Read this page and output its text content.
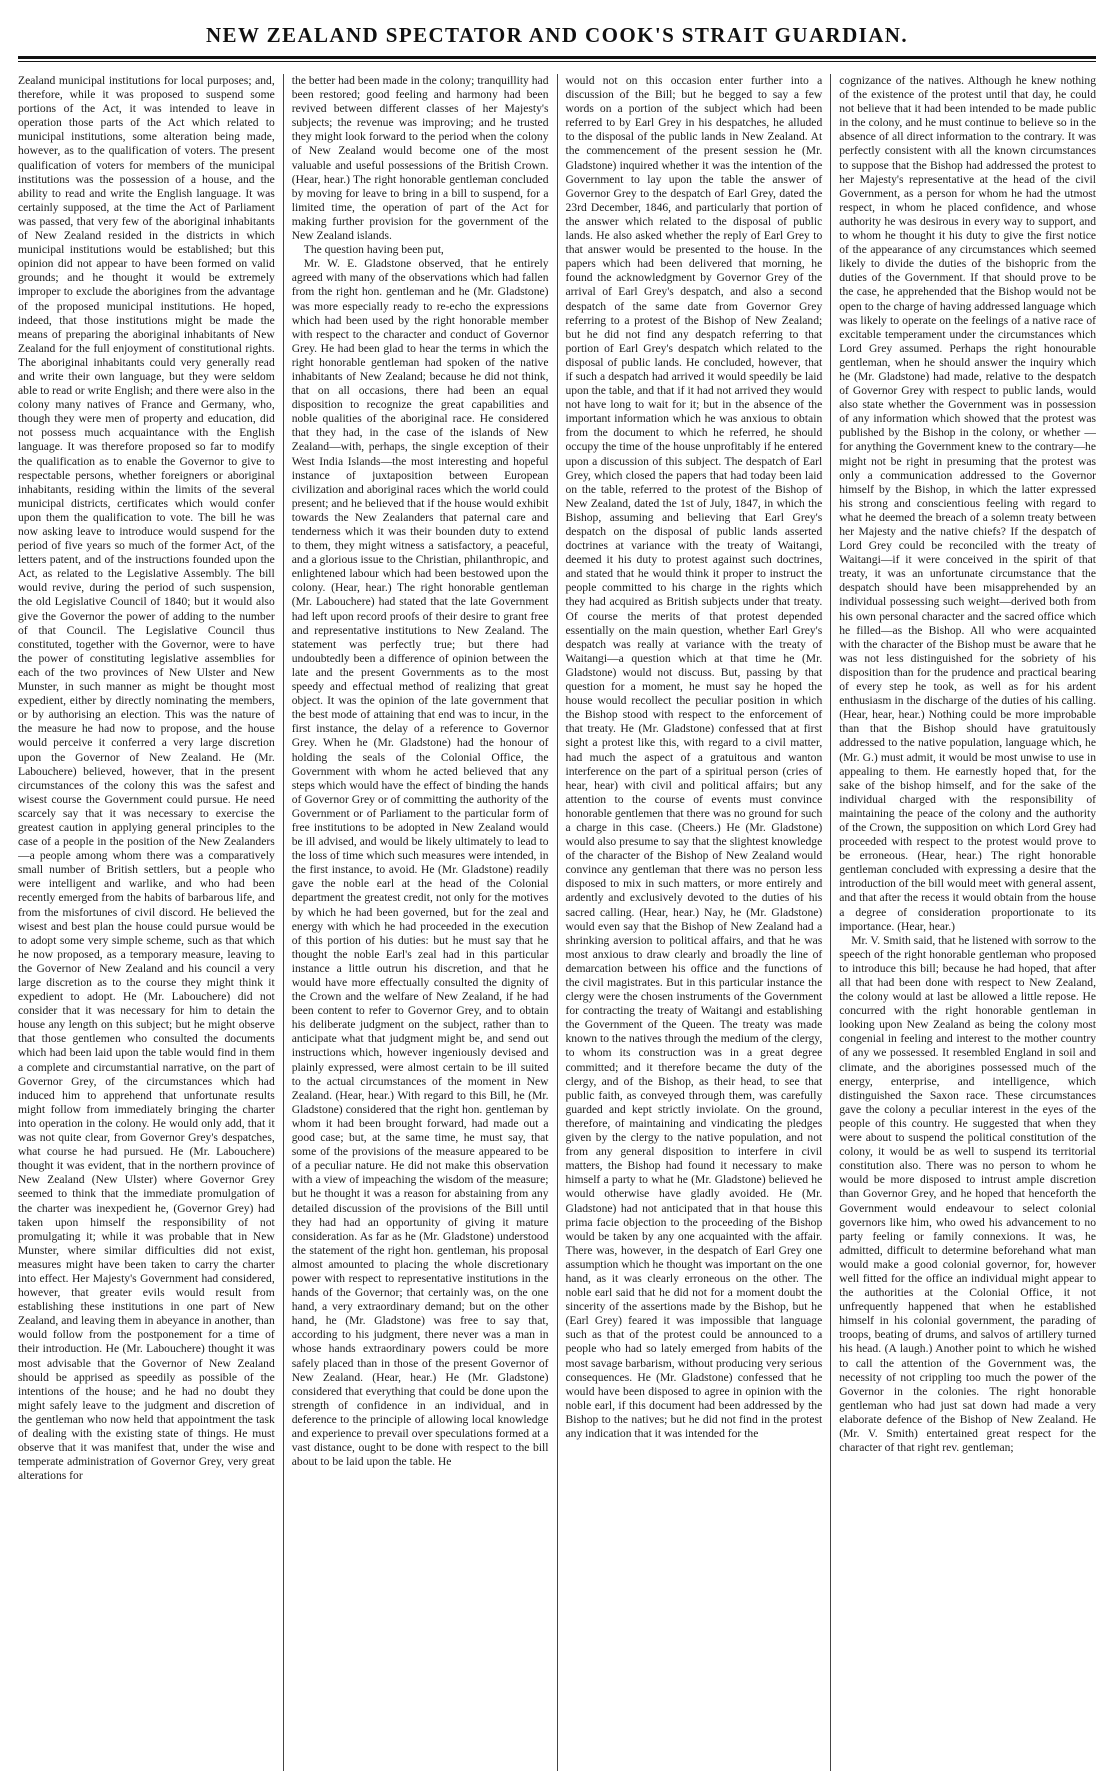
NEW ZEALAND SPECTATOR AND COOK'S STRAIT GUARDIAN.

Zealand municipal institutions for local purposes; and, therefore, while it was proposed to suspend some portions of the Act, it was intended to leave in operation those parts of the Act which related to municipal institutions, some alteration being made, however, as to the qualification of voters. The present qualification of voters for members of the municipal institutions was the possession of a house, and the ability to read and write the English language. It was certainly supposed, at the time the Act of Parliament was passed, that very few of the aboriginal inhabitants of New Zealand resided in the districts in which municipal institutions would be established; but this opinion did not appear to have been formed on valid grounds; and he thought it would be extremely improper to exclude the aborigines from the advantage of the proposed municipal institutions. He hoped, indeed, that those institutions might be made the means of preparing the aboriginal inhabitants of New Zealand for the full enjoyment of constitutional rights. The aboriginal inhabitants could very generally read and write their own language, but they were seldom able to read or write English; and there were also in the colony many natives of France and Germany, who, though they were men of property and education, did not possess much acquaintance with the English language. It was therefore proposed so far to modify the qualification as to enable the Governor to give to respectable persons, whether foreigners or aboriginal inhabitants, residing within the limits of the several municipal districts, certificates which would confer upon them the qualification to vote. The bill he was now asking leave to introduce would suspend for the period of five years so much of the former Act, of the letters patent, and of the instructions founded upon the Act, as related to the Legislative Assembly. The bill would revive, during the period of such suspension, the old Legislative Council of 1840; but it would also give the Governor the power of adding to the number of that Council. The Legislative Council thus constituted, together with the Governor, were to have the power of constituting legislative assemblies for each of the two provinces of New Ulster and New Munster, in such manner as might be thought most expedient, either by directly nominating the members, or by authorising an election. This was the nature of the measure he had now to propose, and the house would perceive it conferred a very large discretion upon the Governor of New Zealand. He (Mr. Labouchere) believed, however, that in the present circumstances of the colony this was the safest and wisest course the Government could pursue. He need scarcely say that it was necessary to exercise the greatest caution in applying general principles to the case of a people in the position of the New Zealanders—a people among whom there was a comparatively small number of British settlers, but a people who were intelligent and warlike, and who had been recently emerged from the habits of barbarous life, and from the misfortunes of civil discord. He believed the wisest and best plan the house could pursue would be to adopt some very simple scheme, such as that which he now proposed, as a temporary measure, leaving to the Governor of New Zealand and his council a very large discretion as to the course they might think it expedient to adopt. He (Mr. Labouchere) did not consider that it was necessary for him to detain the house any length on this subject; but he might observe that those gentlemen who consulted the documents which had been laid upon the table would find in them a complete and circumstantial narrative, on the part of Governor Grey, of the circumstances which had induced him to apprehend that unfortunate results might follow from immediately bringing the charter into operation in the colony. He would only add, that it was not quite clear, from Governor Grey's despatches, what course he had pursued. He (Mr. Labouchere) thought it was evident, that in the northern province of New Zealand (New Ulster) where Governor Grey seemed to think that the immediate promulgation of the charter was inexpedient he, (Governor Grey) had taken upon himself the responsibility of not promulgating it; while it was probable that in New Munster, where similar difficulties did not exist, measures might have been taken to carry the charter into effect. Her Majesty's Government had considered, however, that greater evils would result from establishing these institutions in one part of New Zealand, and leaving them in abeyance in another, than would follow from the postponement for a time of their introduction. He (Mr. Labouchere) thought it was most advisable that the Governor of New Zealand should be apprised as speedily as possible of the intentions of the house; and he had no doubt they might safely leave to the judgment and discretion of the gentleman who now held that appointment the task of dealing with the existing state of things. He must observe that it was manifest that, under the wise and temperate administration of Governor Grey, very great alterations for

the better had been made in the colony; tranquillity had been restored; good feeling and harmony had been revived between different classes of her Majesty's subjects; the revenue was improving; and he trusted they might look forward to the period when the colony of New Zealand would become one of the most valuable and useful possessions of the British Crown. (Hear, hear.) The right honorable gentleman concluded by moving for leave to bring in a bill to suspend, for a limited time, the operation of part of the Act for making further provision for the government of the New Zealand islands.

The question having been put,

Mr. W. E. Gladstone observed, that he entirely agreed with many of the observations which had fallen from the right hon. gentleman and he (Mr. Gladstone) was more especially ready to re-echo the expressions which had been used by the right honorable member with respect to the character and conduct of Governor Grey. He had been glad to hear the terms in which the right honorable gentleman had spoken of the native inhabitants of New Zealand; because he did not think, that on all occasions, there had been an equal disposition to recognize the great capabilities and noble qualities of the aboriginal race. He considered that they had, in the case of the islands of New Zealand—with, perhaps, the single exception of their West India Islands—the most interesting and hopeful instance of juxtaposition between European civilization and aboriginal races which the world could present; and he believed that if the house would exhibit towards the New Zealanders that paternal care and tenderness which it was their bounden duty to extend to them, they might witness a satisfactory, a peaceful, and a glorious issue to the Christian, philanthropic, and enlightened labour which had been bestowed upon the colony. (Hear, hear.) The right honorable gentleman (Mr. Labouchere) had stated that the late Government had left upon record proofs of their desire to grant free and representative institutions to New Zealand. The statement was perfectly true; but there had undoubtedly been a difference of opinion between the late and the present Governments as to the most speedy and effectual method of realizing that great object. It was the opinion of the late government that the best mode of attaining that end was to incur, in the first instance, the delay of a reference to Governor Grey. When he (Mr. Gladstone) had the honour of holding the seals of the Colonial Office, the Government with whom he acted believed that any steps which would have the effect of binding the hands of Governor Grey or of committing the authority of the Government or of Parliament to the particular form of free institutions to be adopted in New Zealand would be ill advised, and would be likely ultimately to lead to the loss of time which such measures were intended, in the first instance, to avoid. He (Mr. Gladstone) readily gave the noble earl at the head of the Colonial department the greatest credit, not only for the motives by which he had been governed, but for the zeal and energy with which he had proceeded in the execution of this portion of his duties: but he must say that he thought the noble Earl's zeal had in this particular instance a little outrun his discretion, and that he would have more effectually consulted the dignity of the Crown and the welfare of New Zealand, if he had been content to refer to Governor Grey, and to obtain his deliberate judgment on the subject, rather than to anticipate what that judgment might be, and send out instructions which, however ingeniously devised and plainly expressed, were almost certain to be ill suited to the actual circumstances of the moment in New Zealand. (Hear, hear.) With regard to this Bill, he (Mr. Gladstone) considered that the right hon. gentleman by whom it had been brought forward, had made out a good case; but, at the same time, he must say, that some of the provisions of the measure appeared to be of a peculiar nature. He did not make this observation with a view of impeaching the wisdom of the measure; but he thought it was a reason for abstaining from any detailed discussion of the provisions of the Bill until they had had an opportunity of giving it mature consideration. As far as he (Mr. Gladstone) understood the statement of the right hon. gentleman, his proposal almost amounted to placing the whole discretionary power with respect to representative institutions in the hands of the Governor; that certainly was, on the one hand, a very extraordinary demand; but on the other hand, he (Mr. Gladstone) was free to say that, according to his judgment, there never was a man in whose hands extraordinary powers could be more safely placed than in those of the present Governor of New Zealand. (Hear, hear.) He (Mr. Gladstone) considered that everything that could be done upon the strength of confidence in an individual, and in deference to the principle of allowing local knowledge and experience to prevail over speculations formed at a vast distance, ought to be done with respect to the bill about to be laid upon the table. He

would not on this occasion enter further into a discussion of the Bill; but he begged to say a few words on a portion of the subject which had been referred to by Earl Grey in his despatches, he alluded to the disposal of the public lands in New Zealand. At the commencement of the present session he (Mr. Gladstone) inquired whether it was the intention of the Government to lay upon the table the answer of Governor Grey to the despatch of Earl Grey, dated the 23rd December, 1846, and particularly that portion of the answer which related to the disposal of public lands. He also asked whether the reply of Earl Grey to that answer would be presented to the house. In the papers which had been delivered that morning, he found the acknowledgment by Governor Grey of the arrival of Earl Grey's despatch, and also a second despatch of the same date from Governor Grey referring to a protest of the Bishop of New Zealand; but he did not find any despatch referring to that portion of Earl Grey's despatch which related to the disposal of public lands. He concluded, however, that if such a despatch had arrived it would speedily be laid upon the table, and that if it had not arrived they would not have long to wait for it; but in the absence of the important information which he was anxious to obtain from the document to which he referred, he should occupy the time of the house unprofitably if he entered upon a discussion of this subject. The despatch of Earl Grey, which closed the papers that had today been laid on the table, referred to the protest of the Bishop of New Zealand, dated the 1st of July, 1847, in which the Bishop, assuming and believing that Earl Grey's despatch on the disposal of public lands asserted doctrines at variance with the treaty of Waitangi, deemed it his duty to protest against such doctrines, and stated that he would think it proper to instruct the people committed to his charge in the rights which they had acquired as British subjects under that treaty. Of course the merits of that protest depended essentially on the main question, whether Earl Grey's despatch was really at variance with the treaty of Waitangi—a question which at that time he (Mr. Gladstone) would not discuss. But, passing by that question for a moment, he must say he hoped the house would recollect the peculiar position in which the Bishop stood with respect to the enforcement of that treaty. He (Mr. Gladstone) confessed that at first sight a protest like this, with regard to a civil matter, had much the aspect of a gratuitous and wanton interference on the part of a spiritual person (cries of hear, hear) with civil and political affairs; but any attention to the course of events must convince honorable gentlemen that there was no ground for such a charge in this case. (Cheers.) He (Mr. Gladstone) would also presume to say that the slightest knowledge of the character of the Bishop of New Zealand would convince any gentleman that there was no person less disposed to mix in such matters, or more entirely and ardently and exclusively devoted to the duties of his sacred calling. (Hear, hear.) Nay, he (Mr. Gladstone) would even say that the Bishop of New Zealand had a shrinking aversion to political affairs, and that he was most anxious to draw clearly and broadly the line of demarcation between his office and the functions of the civil magistrates. But in this particular instance the clergy were the chosen instruments of the Government for contracting the treaty of Waitangi and establishing the Government of the Queen. The treaty was made known to the natives through the medium of the clergy, to whom its construction was in a great degree committed; and it therefore became the duty of the clergy, and of the Bishop, as their head, to see that public faith, as conveyed through them, was carefully guarded and kept strictly inviolate. On the ground, therefore, of maintaining and vindicating the pledges given by the clergy to the native population, and not from any general disposition to interfere in civil matters, the Bishop had found it necessary to make himself a party to what he (Mr. Gladstone) believed he would otherwise have gladly avoided. He (Mr. Gladstone) had not anticipated that in that house this prima facie objection to the proceeding of the Bishop would be taken by any one acquainted with the affair. There was, however, in the despatch of Earl Grey one assumption which he thought was important on the one hand, as it was clearly erroneous on the other. The noble earl said that he did not for a moment doubt the sincerity of the assertions made by the Bishop, but he (Earl Grey) feared it was impossible that language such as that of the protest could be announced to a people who had so lately emerged from habits of the most savage barbarism, without producing very serious consequences. He (Mr. Gladstone) confessed that he would have been disposed to agree in opinion with the noble earl, if this document had been addressed by the Bishop to the natives; but he did not find in the protest any indication that it was intended for the

cognizance of the natives. Although he knew nothing of the existence of the protest until that day, he could not believe that it had been intended to be made public in the colony, and he must continue to believe so in the absence of all direct information to the contrary. It was perfectly consistent with all the known circumstances to suppose that the Bishop had addressed the protest to her Majesty's representative at the head of the civil Government, as a person for whom he had the utmost respect, in whom he placed confidence, and whose authority he was desirous in every way to support, and to whom he thought it his duty to give the first notice of the appearance of any circumstances which seemed likely to divide the duties of the bishopric from the duties of the Government. If that should prove to be the case, he apprehended that the Bishop would not be open to the charge of having addressed language which was likely to operate on the feelings of a native race of excitable temperament under the circumstances which Lord Grey assumed. Perhaps the right honourable gentleman, when he should answer the inquiry which he (Mr. Gladstone) had made, relative to the despatch of Governor Grey with respect to public lands, would also state whether the Government was in possession of any information which showed that the protest was published by the Bishop in the colony, or whether —for anything the Government knew to the contrary—he might not be right in presuming that the protest was only a communication addressed to the Governor himself by the Bishop, in which the latter expressed his strong and conscientious feeling with regard to what he deemed the breach of a solemn treaty between her Majesty and the native chiefs? If the despatch of Lord Grey could be reconciled with the treaty of Waitangi—if it were conceived in the spirit of that treaty, it was an unfortunate circumstance that the despatch should have been misapprehended by an individual possessing such weight—derived both from his own personal character and the sacred office which he filled—as the Bishop. All who were acquainted with the character of the Bishop must be aware that he was not less distinguished for the sobriety of his disposition than for the prudence and practical bearing of every step he took, as well as for his ardent enthusiasm in the discharge of the duties of his calling. (Hear, hear, hear.) Nothing could be more improbable than that the Bishop should have gratuitously addressed to the native population, language which, he (Mr. G.) must admit, it would be most unwise to use in appealing to them. He earnestly hoped that, for the sake of the bishop himself, and for the sake of the individual charged with the responsibility of maintaining the peace of the colony and the authority of the Crown, the supposition on which Lord Grey had proceeded with respect to the protest would prove to be erroneous. (Hear, hear.) The right honorable gentleman concluded with expressing a desire that the introduction of the bill would meet with general assent, and that after the recess it would obtain from the house a degree of consideration proportionate to its importance. (Hear, hear.)

Mr. V. Smith said, that he listened with sorrow to the speech of the right honorable gentleman who proposed to introduce this bill; because he had hoped, that after all that had been done with respect to New Zealand, the colony would at last be allowed a little repose. He concurred with the right honorable gentleman in looking upon New Zealand as being the colony most congenial in feeling and interest to the mother country of any we possessed. It resembled England in soil and climate, and the aborigines possessed much of the energy, enterprise, and intelligence, which distinguished the Saxon race. These circumstances gave the colony a peculiar interest in the eyes of the people of this country. He suggested that when they were about to suspend the political constitution of the colony, it would be as well to suspend its territorial constitution also. There was no person to whom he would be more disposed to intrust ample discretion than Governor Grey, and he hoped that henceforth the Government would endeavour to select colonial governors like him, who owed his advancement to no party feeling or family connexions. It was, he admitted, difficult to determine beforehand what man would make a good colonial governor, for, however well fitted for the office an individual might appear to the authorities at the Colonial Office, it not unfrequently happened that when he established himself in his colonial government, the parading of troops, beating of drums, and salvos of artillery turned his head. (A laugh.) Another point to which he wished to call the attention of the Government was, the necessity of not crippling too much the power of the Governor in the colonies. The right honorable gentleman who had just sat down had made a very elaborate defence of the Bishop of New Zealand. He (Mr. V. Smith) entertained great respect for the character of that right rev. gentleman;
